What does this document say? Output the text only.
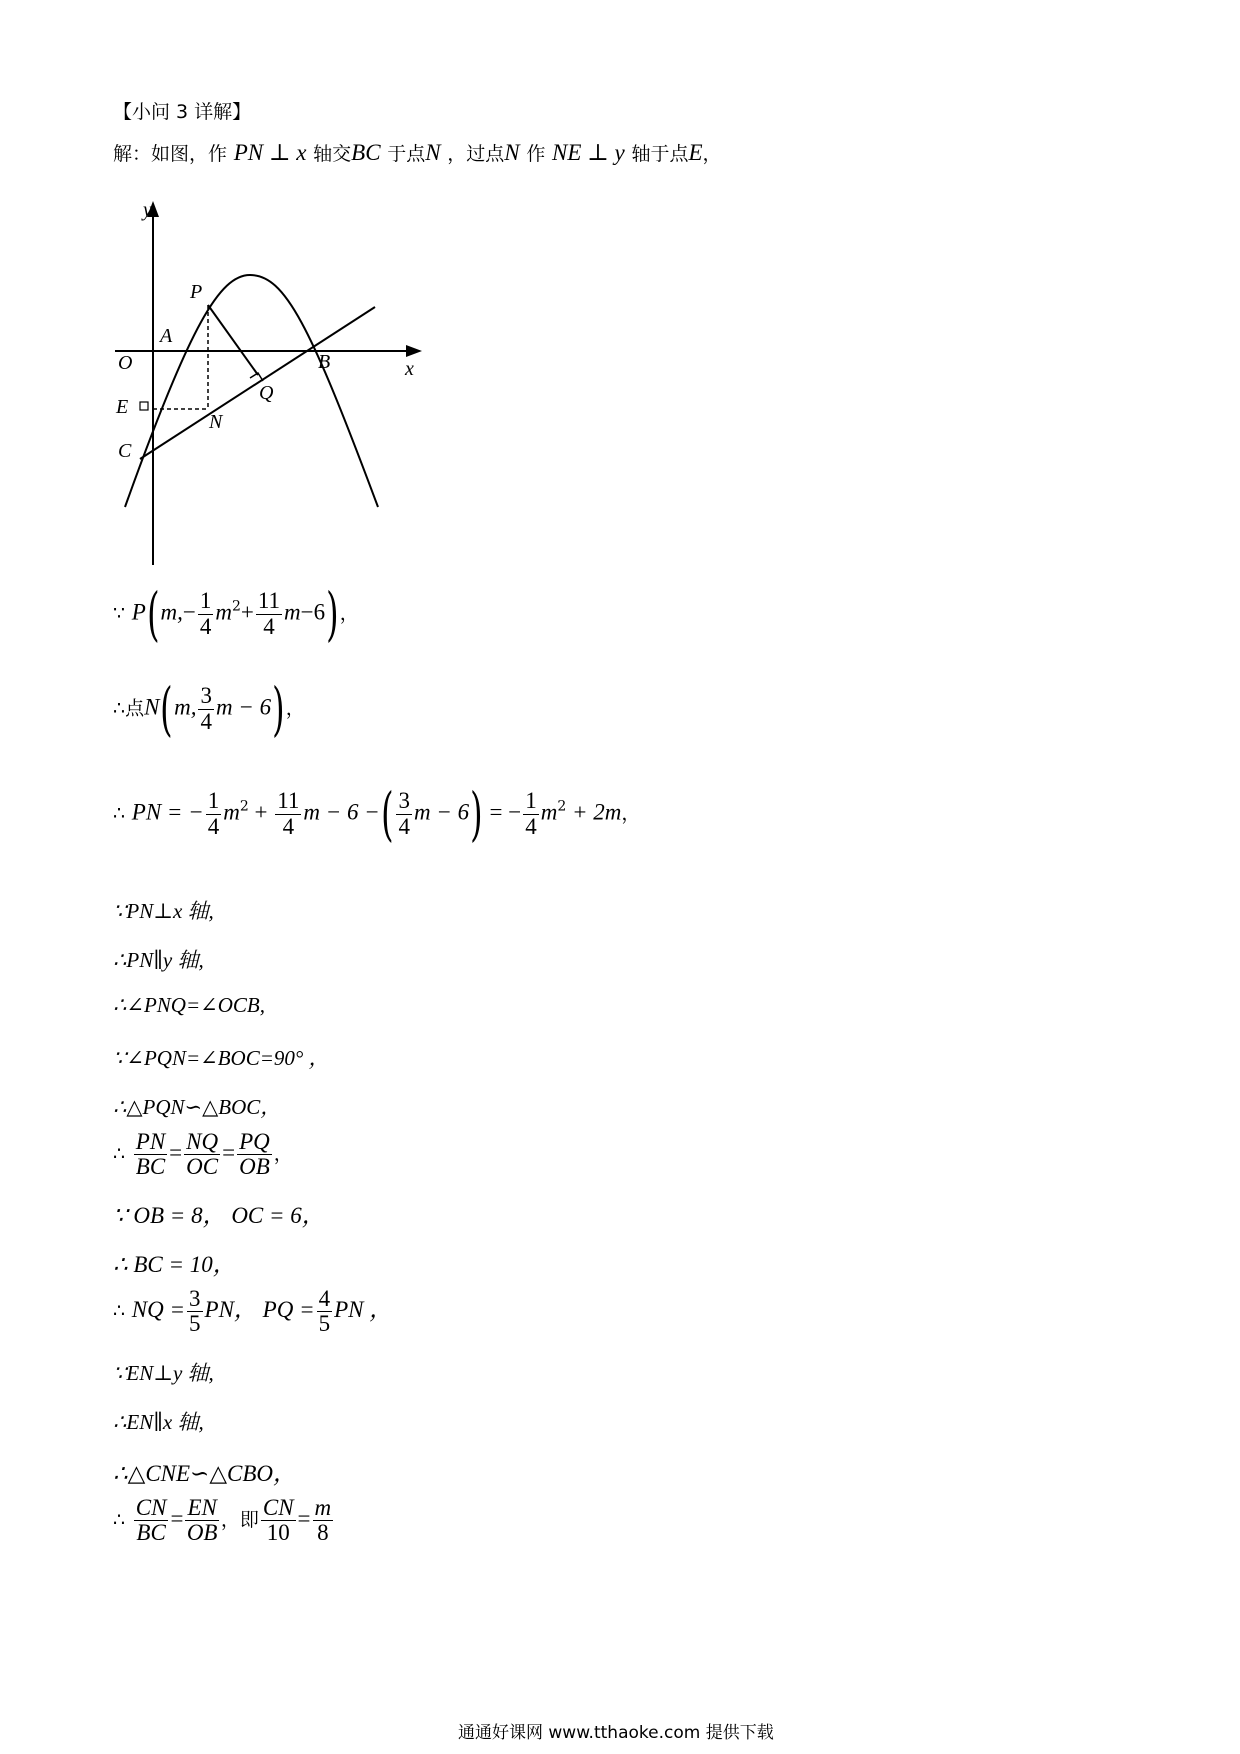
【小问 3 详解】
解：如图，作 PN ⊥ x 轴交BC 于点N ，过点N 作 NE ⊥ y 轴于点E，
y
x
P
A
O	B
Q
E
N
C
∵ $P(m,- \frac{1}{4} m^2+ \frac{11}{4} m-6)$，
∴点N(m, $\frac{3}{4}$ m − 6)，
∴ PN = − $\frac{1}{4} m^2 + \frac{11}{4}$ m − 6 −( $\frac{3}{4}$ m − 6) = − $\frac{1}{4} m^2 + 2m$，
∵PN⊥x 轴,
∴PN∥y 轴,
∴∠PNQ=∠OCB,
∵∠PQN=∠BOC=90° ，
∴△PQN∽△BOC，
∴ $\frac{PN}{BC} = \frac{NQ}{OC} = \frac{PQ}{OB}$ ，
∵ OB = 8， OC = 6，
∴ BC = 10，
∴ NQ = $\frac{3}{5}$ PN， PQ = $\frac{4}{5}$ PN ，
∵EN⊥y 轴,
∴EN∥x 轴,
∴△CNE∽△CBO，
∴ $\frac{CN}{BC} = \frac{EN}{OB}$ ，即 $\frac{CN}{10} = \frac{m}{8}$
通通好课网 www.tthaoke.com 提供下载
